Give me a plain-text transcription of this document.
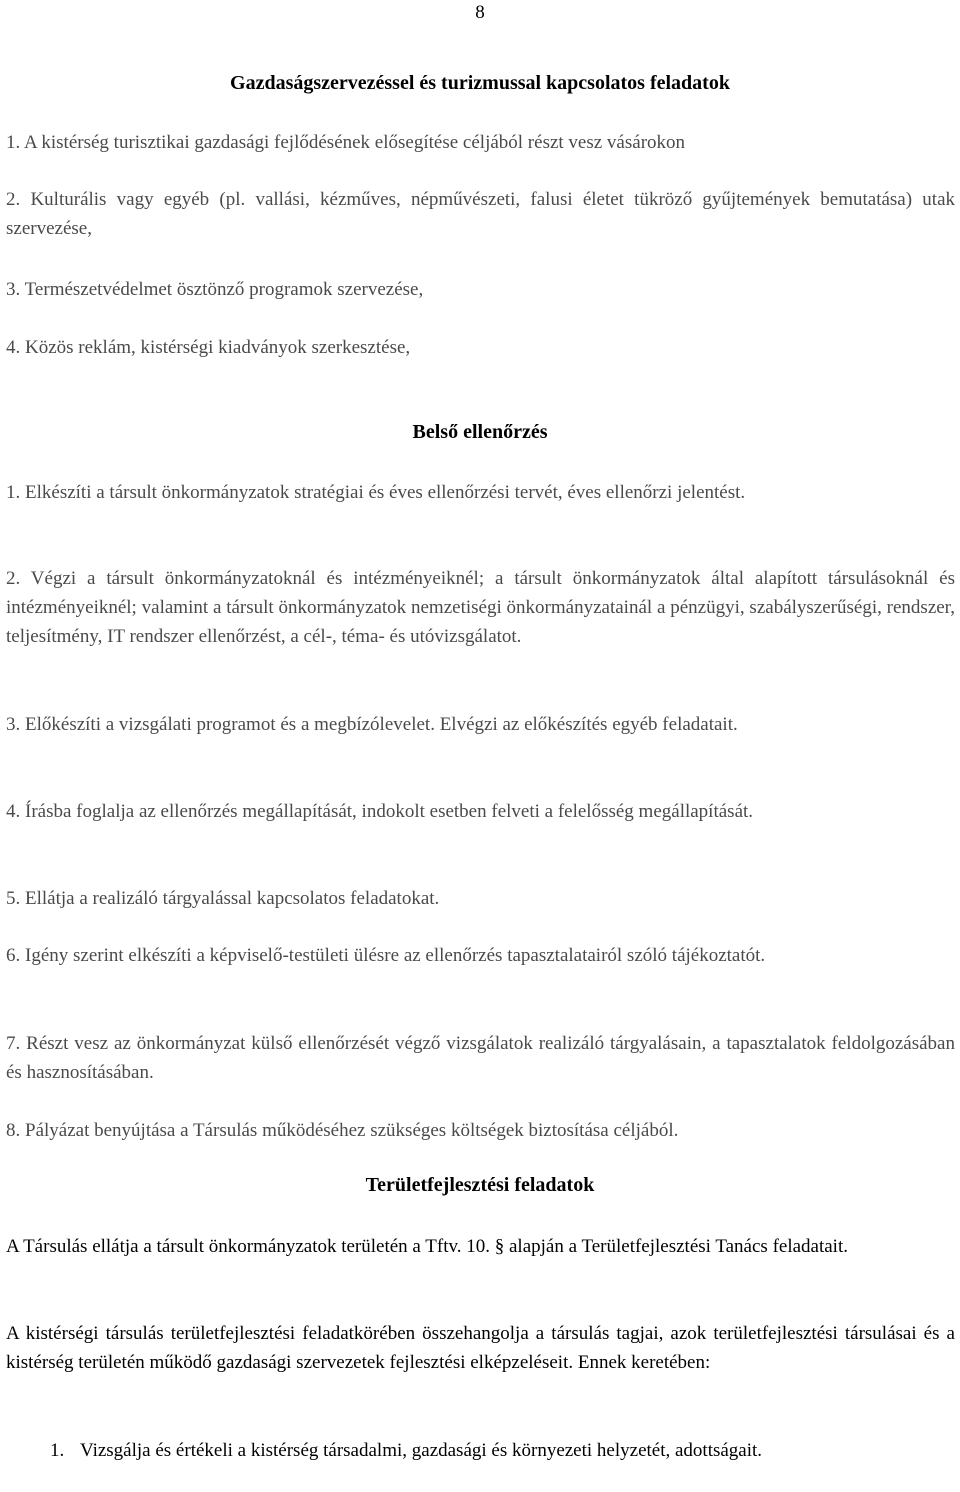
8
Gazdaságszervezéssel és turizmussal kapcsolatos feladatok

1. A kistérség turisztikai gazdasági fejlődésének elősegítése céljából részt vesz vásárokon

2. Kulturális vagy egyéb (pl. vallási, kézműves, népművészeti, falusi életet tükröző gyűjtemények bemutatása) utak szervezése,

3. Természetvédelmet ösztönző programok szervezése,

4. Közös reklám, kistérségi kiadványok szerkesztése,

Belső ellenőrzés

1. Elkészíti a társult önkormányzatok stratégiai és éves ellenőrzési tervét, éves ellenőrzi jelentést.

2. Végzi a társult önkormányzatoknál és intézményeiknél; a társult önkormányzatok által alapított társulásoknál és intézményeiknél; valamint a társult önkormányzatok nemzetiségi önkormányzatainál a pénzügyi, szabályszerűségi, rendszer, teljesítmény, IT rendszer ellenőrzést, a cél-, téma- és utóvizsgálatot.

3. Előkészíti a vizsgálati programot és a megbízólevelet. Elvégzi az előkészítés egyéb feladatait.

4. Írásba foglalja az ellenőrzés megállapítását, indokolt esetben felveti a felelősség megállapítását.

5. Ellátja a realizáló tárgyalással kapcsolatos feladatokat.

6. Igény szerint elkészíti a képviselő-testületi ülésre az ellenőrzés tapasztalatairól szóló tájékoztatót.

7. Részt vesz az önkormányzat külső ellenőrzését végző vizsgálatok realizáló tárgyalásain, a tapasztalatok feldolgozásában és hasznosításában.

8. Pályázat benyújtása a Társulás működéséhez szükséges költségek biztosítása céljából.

Területfejlesztési feladatok

A Társulás ellátja a társult önkormányzatok területén a Tftv. 10. § alapján a Területfejlesztési Tanács feladatait.

A kistérségi társulás területfejlesztési feladatkörében összehangolja a társulás tagjai, azok területfejlesztési társulásai és a kistérség területén működő gazdasági szervezetek fejlesztési elképzeléseit. Ennek keretében:

1. Vizsgálja és értékeli a kistérség társadalmi, gazdasági és környezeti helyzetét, adottságait.
